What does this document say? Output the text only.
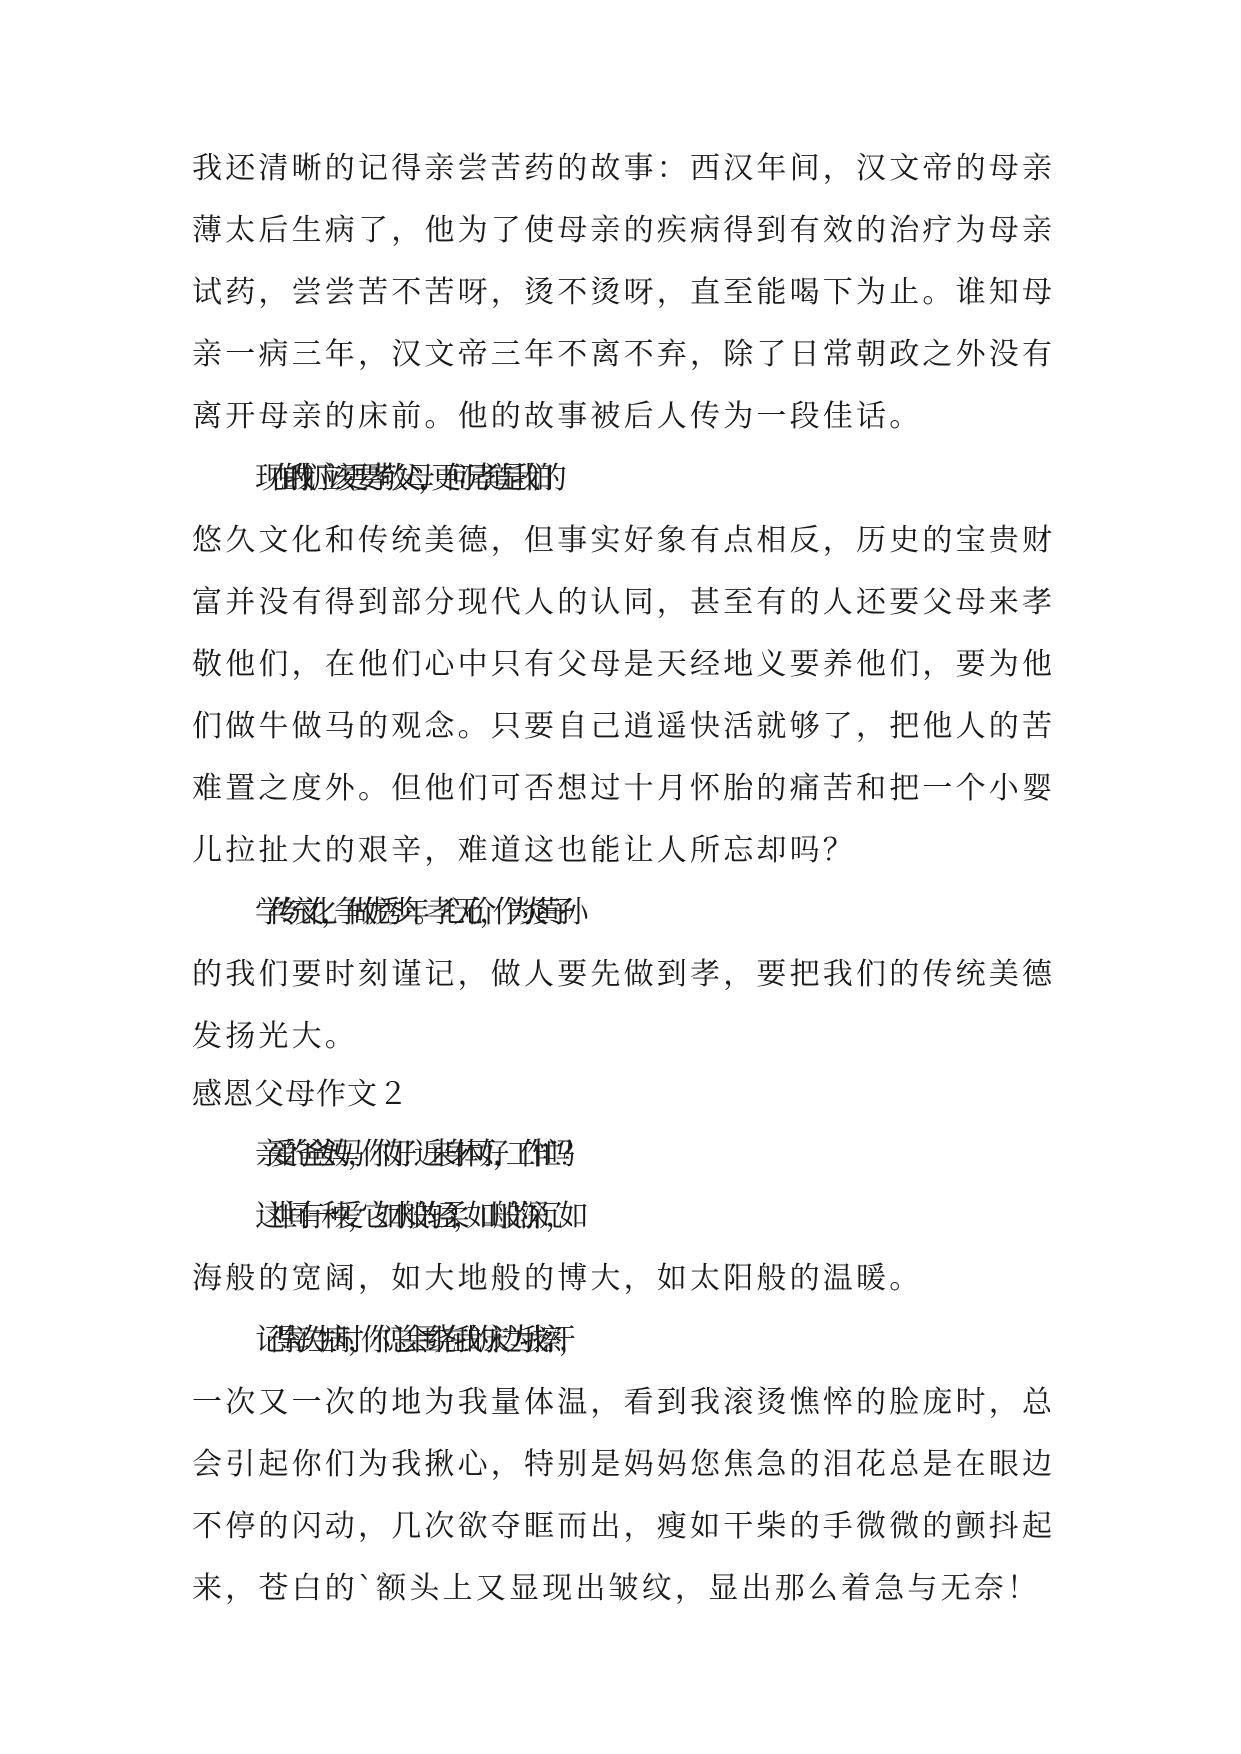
我还清晰的记得亲尝苦药的故事：西汉年间，汉文帝的母亲
薄太后生病了，他为了使母亲的疾病得到有效的治疗为母亲
试药，尝尝苦不苦呀，烫不烫呀，直至能喝下为止。谁知母
亲一病三年，汉文帝三年不离不弃，除了日常朝政之外没有
离开母亲的床前。他的故事被后人传为一段佳话。
现在的'我们应该更要孝敬父母，更何况孝道是我们的
悠久文化和传统美德，但事实好象有点相反，历史的宝贵财
富并没有得到部分现代人的认同，甚至有的人还要父母来孝
敬他们，在他们心中只有父母是天经地义要养他们，要为他
们做牛做马的观念。只要自己逍遥快活就够了，把他人的苦
难置之度外。但他们可否想过十月怀胎的痛苦和把一个小婴
儿拉扯大的艰辛，难道这也能让人所忘却吗？
学传统文化，争做优秀少年。孝心无价，作为炎黄子孙
的我们要时刻谨记，做人要先做到孝，要把我们的传统美德
发扬光大。
感恩父母作文２
亲爱的爸爸妈妈，你们好！近来身体可好，工作忙吗？
这世间有一种爱，它如水般的轻柔，如山般的深沉，如
海般的宽阔，如大地般的博大，如太阳般的温暖。
记得每次生病时，你们总会围绕在我的床边为我擦汗，
一次又一次的地为我量体温，看到我滚烫憔悴的脸庞时，总
会引起你们为我揪心，特别是妈妈您焦急的泪花总是在眼边
不停的闪动，几次欲夺眶而出，瘦如干柴的手微微的颤抖起
来，苍白的`额头上又显现出皱纹，显出那么着急与无奈！
